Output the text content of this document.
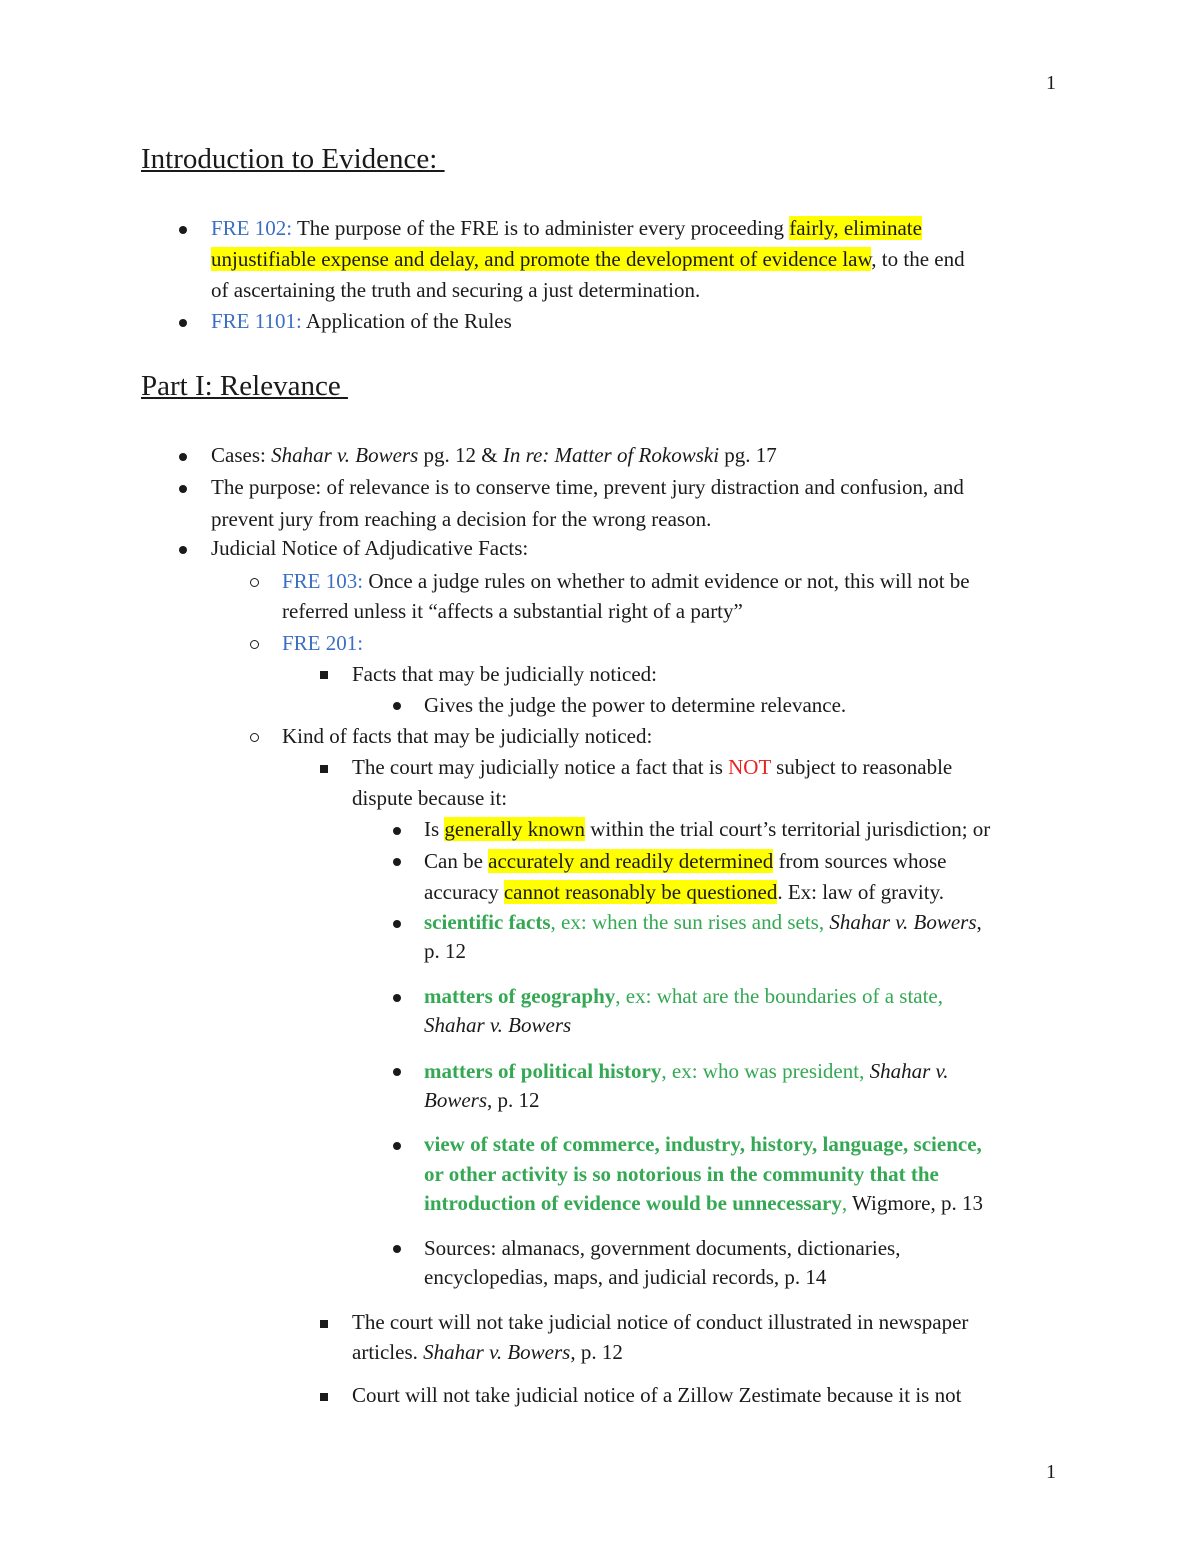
1
Introduction to Evidence:
FRE 102: The purpose of the FRE is to administer every proceeding fairly, eliminate
unjustifiable expense and delay, and promote the development of evidence law, to the end
of ascertaining the truth and securing a just determination.
FRE 1101: Application of the Rules
Part I: Relevance
Cases: Shahar v. Bowers pg. 12 & In re: Matter of Rokowski pg. 17
The purpose: of relevance is to conserve time, prevent jury distraction and confusion, and
prevent jury from reaching a decision for the wrong reason.
Judicial Notice of Adjudicative Facts:
FRE 103: Once a judge rules on whether to admit evidence or not, this will not be
referred unless it “affects a substantial right of a party”
FRE 201:
Facts that may be judicially noticed:
Gives the judge the power to determine relevance.
Kind of facts that may be judicially noticed:
The court may judicially notice a fact that is NOT subject to reasonable
dispute because it:
Is generally known within the trial court’s territorial jurisdiction; or
Can be accurately and readily determined from sources whose
accuracy cannot reasonably be questioned. Ex: law of gravity.
scientific facts, ex: when the sun rises and sets, Shahar v. Bowers,
p. 12
matters of geography, ex: what are the boundaries of a state,
Shahar v. Bowers
matters of political history, ex: who was president, Shahar v.
Bowers, p. 12
view of state of commerce, industry, history, language, science,
or other activity is so notorious in the community that the
introduction of evidence would be unnecessary, Wigmore, p. 13
Sources: almanacs, government documents, dictionaries,
encyclopedias, maps, and judicial records, p. 14
The court will not take judicial notice of conduct illustrated in newspaper
articles. Shahar v. Bowers, p. 12
Court will not take judicial notice of a Zillow Zestimate because it is not
1
